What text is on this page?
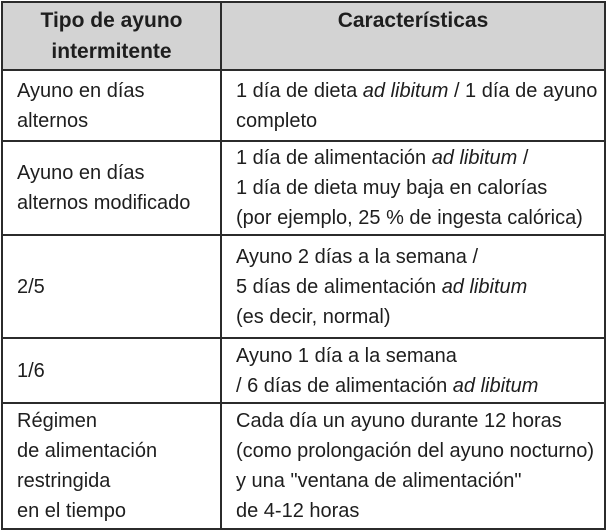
Tipo de ayuno
intermitente	Características

Ayuno en días
alternos	1 día de dieta ad libitum / 1 día de ayuno
completo

Ayuno en días
alternos modificado	1 día de alimentación ad libitum /
1 día de dieta muy baja en calorías
(por ejemplo, 25 % de ingesta calórica)

2/5	Ayuno 2 días a la semana /
5 días de alimentación ad libitum
(es decir, normal)

1/6	Ayuno 1 día a la semana
/ 6 días de alimentación ad libitum

Régimen
de alimentación
restringida
en el tiempo	Cada día un ayuno durante 12 horas
(como prolongación del ayuno nocturno)
y una "ventana de alimentación"
de 4-12 horas
